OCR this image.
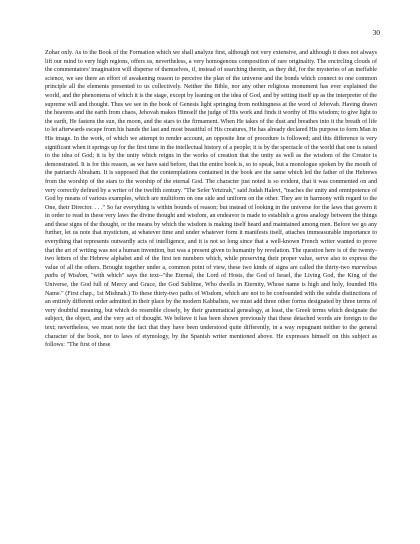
30

Zohar only. As to the Book of the Formation which we shall analyze first, although not very extensive, and although it does not always lift our mind to very high regions, offers us, nevertheless, a very homogenous composition of rare originality. The encircling clouds of the commentators' imagination will disperse of themselves, if, instead of searching therein, as they did, for the mysteries of an ineffable science, we see there an effort of awakening reason to perceive the plan of the universe and the bonds which connect to one common principle all the elements presented to us collectively. Neither the Bible, nor any other religious monument has ever explained the world, and the phenomena of which it is the stage, except by leaning on the idea of God, and by setting itself up as the interpreter of the supreme will and thought. Thus we see in the book of Genesis light springing from nothingness at the word of Jehovah. Having drawn the heavens and the earth from chaos, Jehovah makes Himself the judge of His work and finds it worthy of His wisdom; to give light to the earth, He fastens the sun, the moon, and the stars to the firmament. When He takes of the dust and breathes into it the breath of life to let afterwards escape from his hands the last and most beautiful of His creatures, He has already declared His purpose to form Man in His image. In the work, of which we attempt to render account, an opposite line of procedure is followed; and this difference is very significant when it springs up for the first time in the intellectual history of a people; it is by the spectacle of the world that one is raised to the idea of God; it is by the unity which reigns in the works of creation that the unity as well as the wisdom of the Creator is demonstrated. It is for this reason, as we have said before, that the entire book is, so to speak, but a monologue spoken by the mouth of the patriarch Abraham. It is supposed that the contemplations contained in the book are the same which led the father of the Hebrews from the worship of the stars to the worship of the eternal God. The character just noted is so evident, that it was commented on and very correctly defined by a writer of the twelfth century. "The Sefer Yetzirah," said Judah Halevi, "teaches the unity and omnipotence of God by means of various examples, which are multiform on one side and uniform on the other. They are in harmony with regard to the One, their Director. . . ." So far everything is within bounds of reason; but instead of looking in the universe for the laws that govern it in order to read in these very laws the divine thought and wisdom, an endeavor is made to establish a gross analogy between the things and these signs of the thought, or the means by which the wisdom is making itself heard and maintained among men. Before we go any further, let us note that mysticism, at whatever time and under whatever form it manifests itself, attaches immeasurable importance to everything that represents outwardly acts of intelligence, and it is not so long since that a well-known French writer wanted to prove that the art of writing was not a human invention, but was a present given to humanity by revelation. The question here is of the twenty-two letters of the Hebrew alphabet and of the first ten numbers which, while preserving their proper value, serve also to express the value of all the others. Brought together under a, common point of view, these two kinds of signs are called the thirty-two marvelous paths of Wisdom, "with which" says the text--"the Eternal, the Lord of Hosts, the God of Israel, the Living God, the King of the Universe, the God full of Mercy and Grace, the God Sublime, Who dwells in Eternity, Whose name is high and holy, founded His Name." (First chap., 1st Mishnah.) To these thirty-two paths of Wisdom, which are not to be confounded with the subtle distinctions of an entirely different order admitted in their place by the modern Kabbalists, we must add three other forms designated by three terms of very doubtful meaning, but which do resemble closely, by their grammatical genealogy, at least, the Greek terms which designate the subject, the object, and the very act of thought. We believe it has been shown previously that these detached words are foreign to the text; nevertheless, we must note the fact that they have been understood quite differently, in a way repugnant neither to the general character of the book, nor to laws of etymology, by the Spanish writer mentioned above. He expresses himself on this subject as follows: "The first of these
